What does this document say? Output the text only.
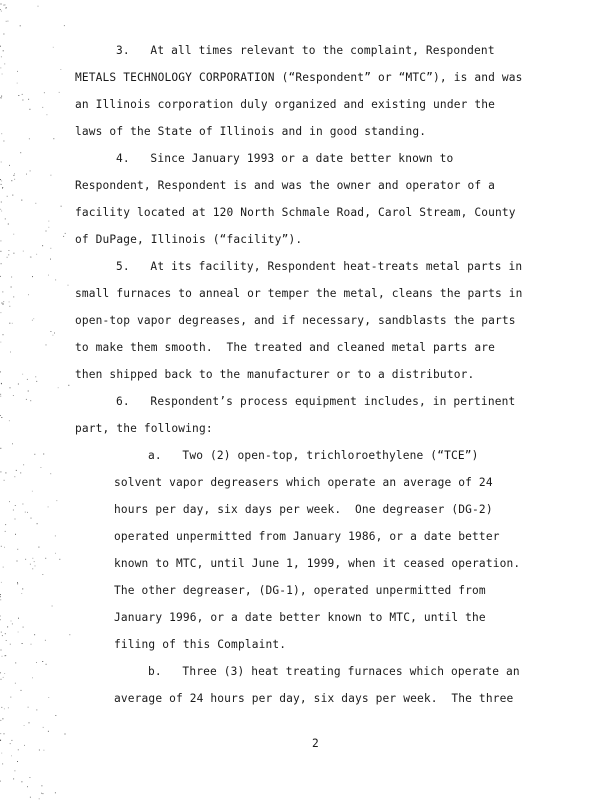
3.   At all times relevant to the complaint, Respondent
METALS TECHNOLOGY CORPORATION (“Respondent” or “MTC”), is and was
an Illinois corporation duly organized and existing under the
laws of the State of Illinois and in good standing.
4.   Since January 1993 or a date better known to
Respondent, Respondent is and was the owner and operator of a
facility located at 120 North Schmale Road, Carol Stream, County
of DuPage, Illinois (“facility”).
5.   At its facility, Respondent heat-treats metal parts in
small furnaces to anneal or temper the metal, cleans the parts in
open-top vapor degreases, and if necessary, sandblasts the parts
to make them smooth.  The treated and cleaned metal parts are
then shipped back to the manufacturer or to a distributor.
6.   Respondent’s process equipment includes, in pertinent
part, the following:
a.   Two (2) open-top, trichloroethylene (“TCE”)
solvent vapor degreasers which operate an average of 24
hours per day, six days per week.  One degreaser (DG-2)
operated unpermitted from January 1986, or a date better
known to MTC, until June 1, 1999, when it ceased operation.
The other degreaser, (DG-1), operated unpermitted from
January 1996, or a date better known to MTC, until the
filing of this Complaint.
b.   Three (3) heat treating furnaces which operate an
average of 24 hours per day, six days per week.  The three
2
